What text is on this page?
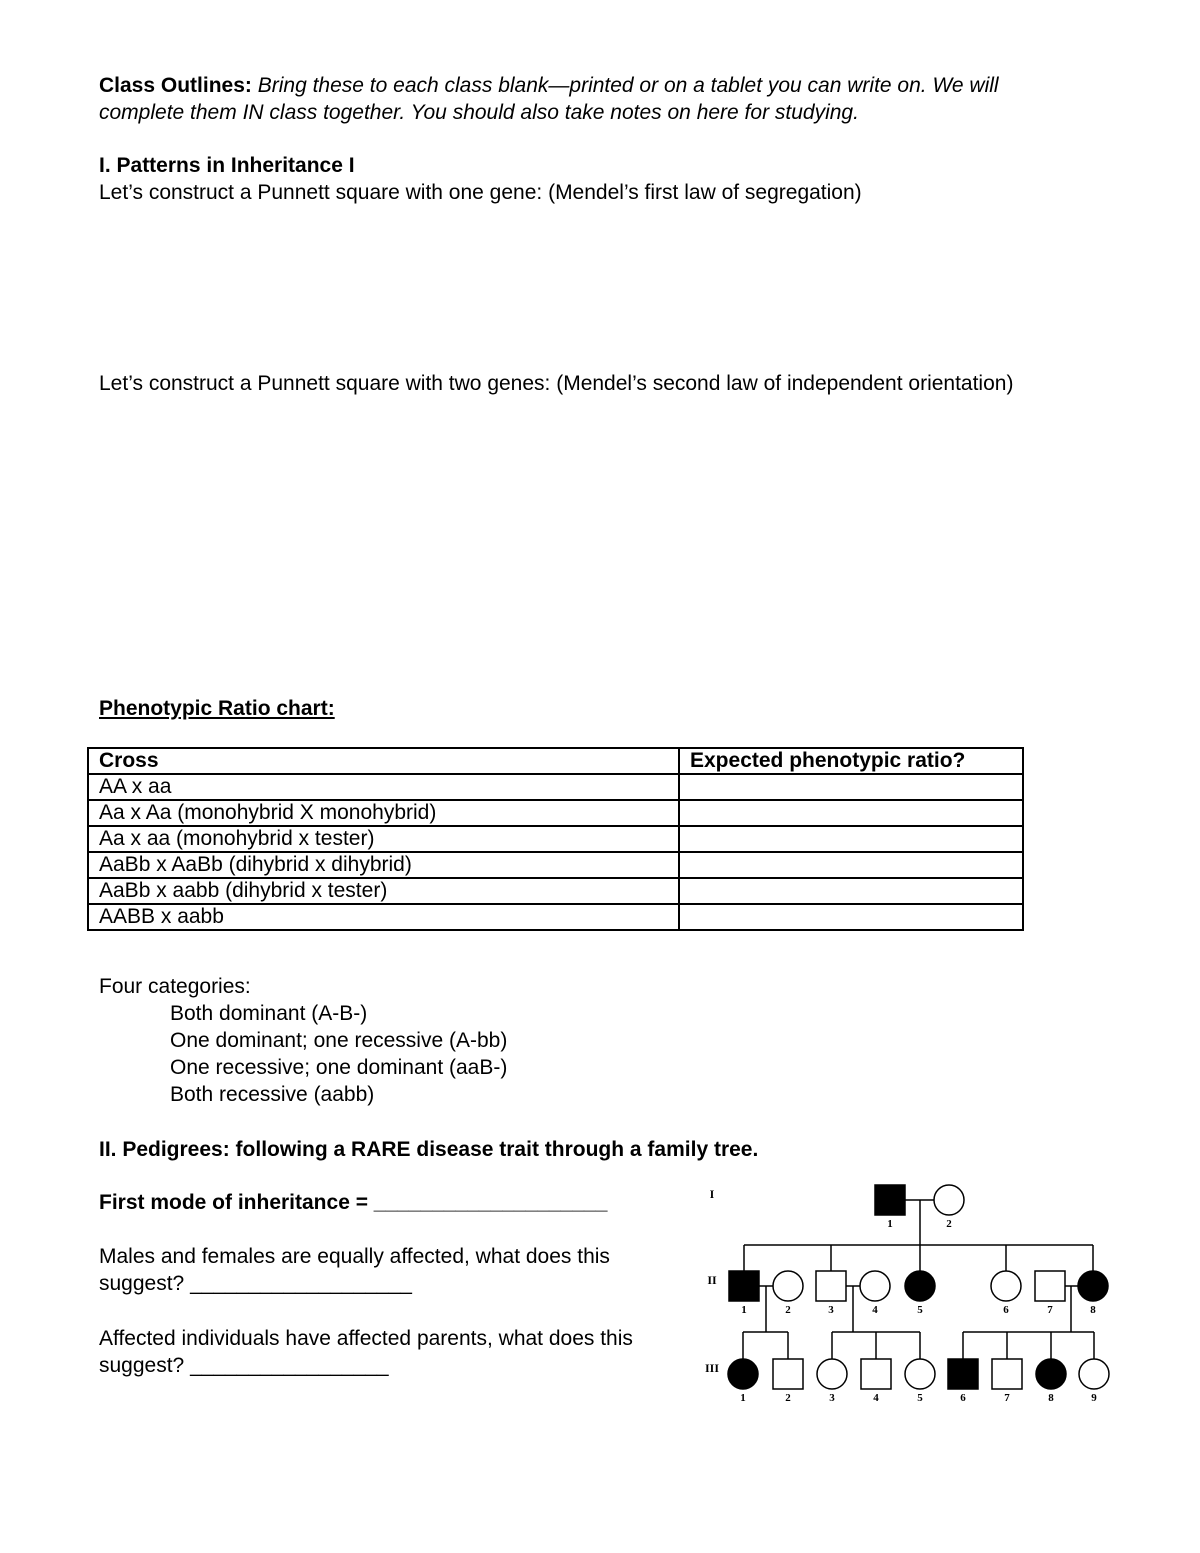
Class Outlines: Bring these to each class blank—printed or on a tablet you can write on. We will complete them IN class together. You should also take notes on here for studying.
I. Patterns in Inheritance I
Let’s construct a Punnett square with one gene: (Mendel’s first law of segregation)
Let’s construct a Punnett square with two genes: (Mendel’s second law of independent orientation)
Phenotypic Ratio chart:
Cross	Expected phenotypic ratio?
AA x aa	
Aa x Aa (monohybrid X monohybrid)	
Aa x aa (monohybrid x tester)	
AaBb x AaBb (dihybrid x dihybrid)	
AaBb x aabb (dihybrid x tester)	
AABB x aabb	
Four categories:
Both dominant (A-B-)
One dominant; one recessive (A-bb)
One recessive; one dominant (aaB-)
Both recessive (aabb)
II. Pedigrees: following a RARE disease trait through a family tree.
First mode of inheritance = ____________________
Males and females are equally affected, what does this suggest? ___________________
Affected individuals have affected parents, what does this suggest? _________________
1	2
1	2	3	4	5	6	7	8
1	2	3	4	5	6	7	8	9
I
II
III
